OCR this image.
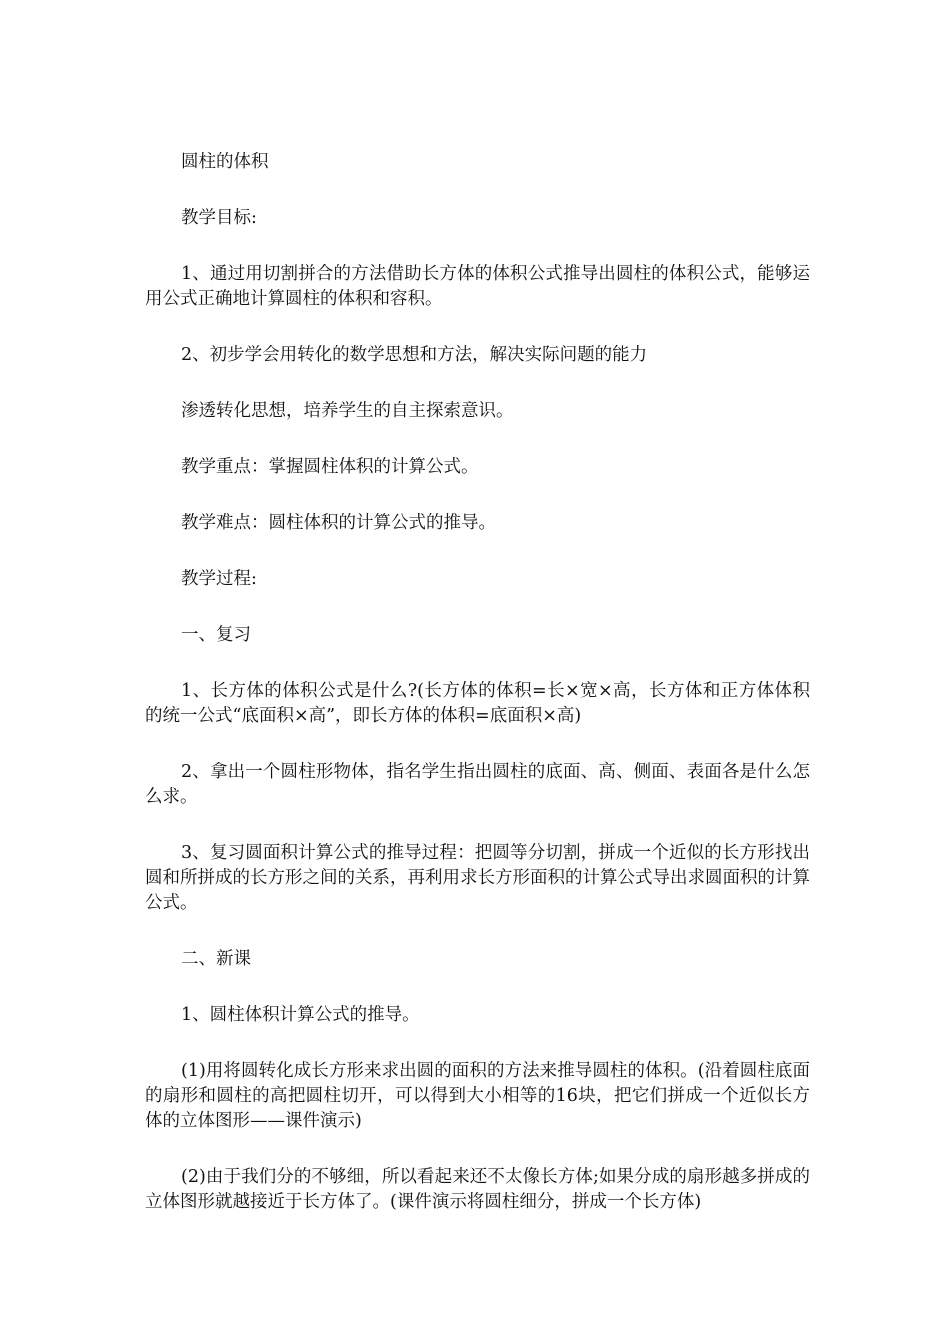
圆柱的体积

教学目标:

1、通过用切割拼合的方法借助长方体的体积公式推导出圆柱的体积公式，能够运用公式正确地计算圆柱的体积和容积。

2、初步学会用转化的数学思想和方法，解决实际问题的能力

渗透转化思想，培养学生的自主探索意识。

教学重点：掌握圆柱体积的计算公式。

教学难点：圆柱体积的计算公式的推导。

教学过程:

一、复习

1、长方体的体积公式是什么?(长方体的体积=长×宽×高，长方体和正方体体积的统一公式“底面积×高”，即长方体的体积=底面积×高)

2、拿出一个圆柱形物体，指名学生指出圆柱的底面、高、侧面、表面各是什么怎么求。

3、复习圆面积计算公式的推导过程：把圆等分切割，拼成一个近似的长方形找出圆和所拼成的长方形之间的关系，再利用求长方形面积的计算公式导出求圆面积的计算公式。

二、新课

1、圆柱体积计算公式的推导。

(1)用将圆转化成长方形来求出圆的面积的方法来推导圆柱的体积。(沿着圆柱底面的扇形和圆柱的高把圆柱切开，可以得到大小相等的16块，把它们拼成一个近似长方体的立体图形——课件演示)

(2)由于我们分的不够细，所以看起来还不太像长方体;如果分成的扇形越多拼成的立体图形就越接近于长方体了。(课件演示将圆柱细分，拼成一个长方体)
